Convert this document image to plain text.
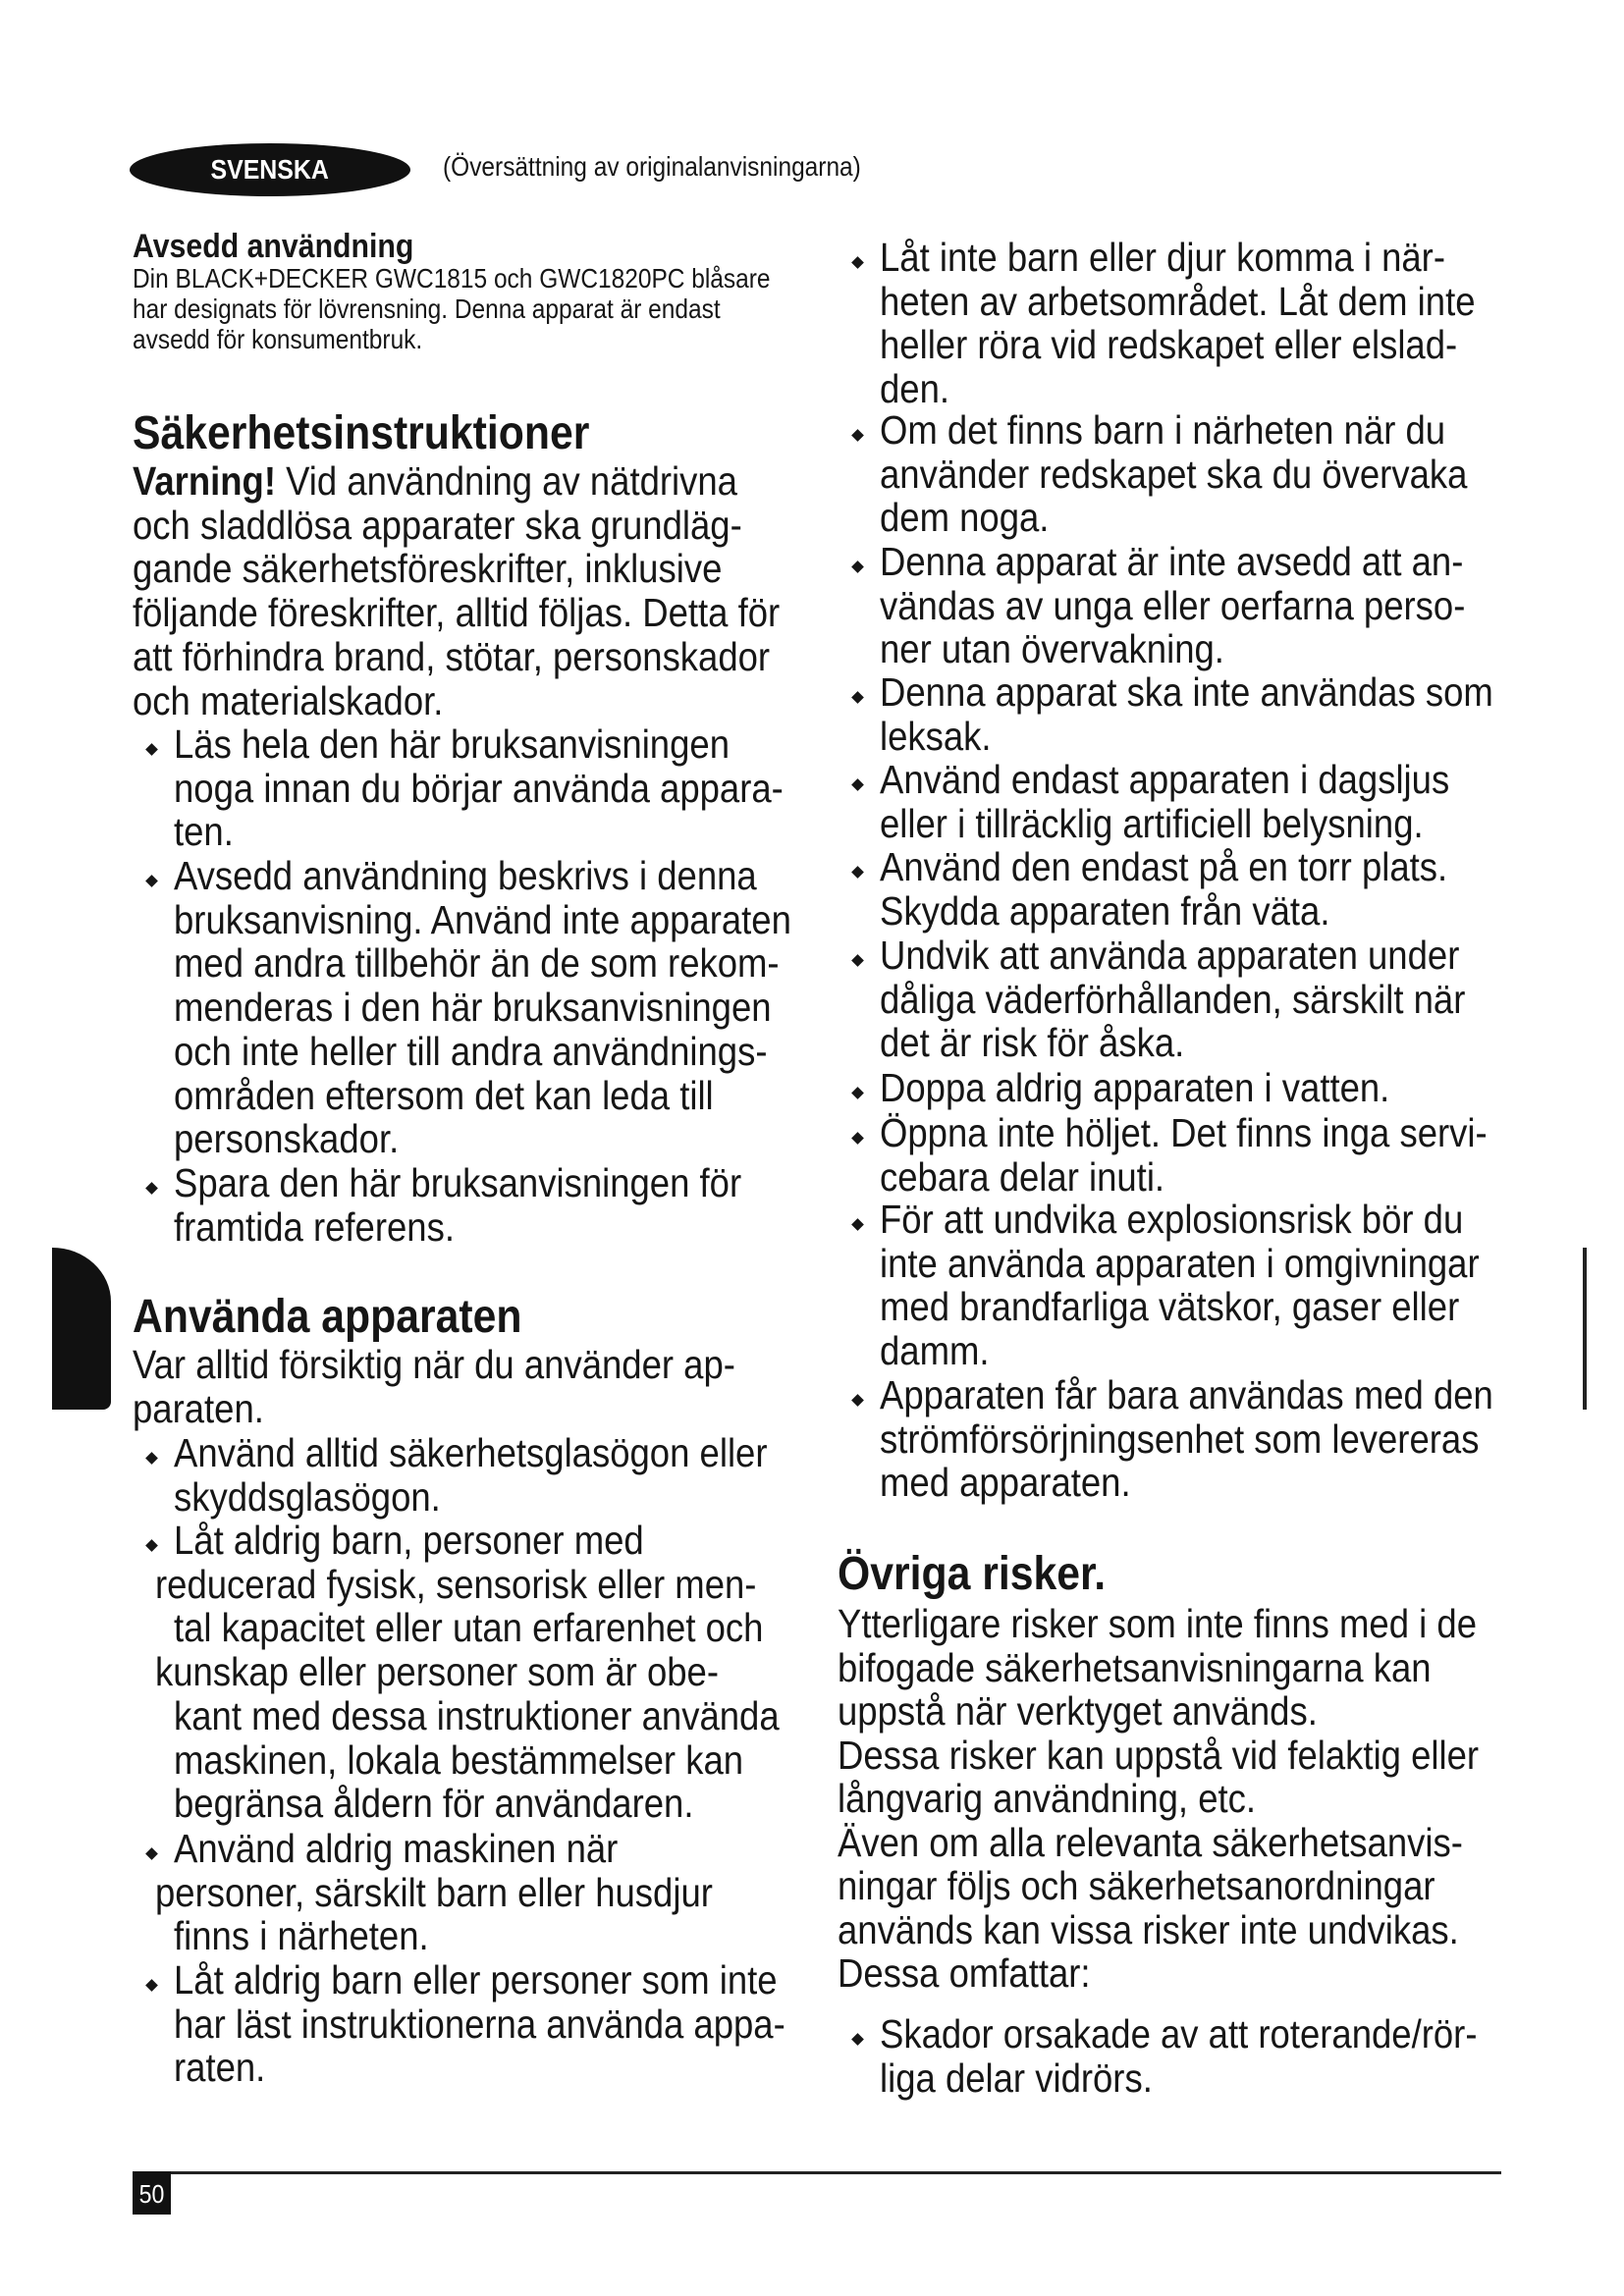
SVENSKA	(Översättning av originalanvisningarna)
Avsedd användning
Din BLACK+DECKER GWC1815 och GWC1820PC blåsare
har designats för lövrensning. Denna apparat är endast
avsedd för konsumentbruk.
Säkerhetsinstruktioner
Varning! Vid användning av nätdrivna
och sladdlösa apparater ska grundläg-
gande säkerhetsföreskrifter, inklusive
följande föreskrifter, alltid följas. Detta för
att förhindra brand, stötar, personskador
och materialskador.
Läs hela den här bruksanvisningen
noga innan du börjar använda appara-
ten.
Avsedd användning beskrivs i denna
bruksanvisning. Använd inte apparaten
med andra tillbehör än de som rekom-
menderas i den här bruksanvisningen
och inte heller till andra användnings-
områden eftersom det kan leda till
personskador.
Spara den här bruksanvisningen för
framtida referens.
Använda apparaten
Var alltid försiktig när du använder ap-
paraten.
Använd alltid säkerhetsglasögon eller
skyddsglasögon.
Låt aldrig barn, personer med
reducerad fysisk, sensorisk eller men-
tal kapacitet eller utan erfarenhet och
kunskap eller personer som är obe-
kant med dessa instruktioner använda
maskinen, lokala bestämmelser kan
begränsa åldern för användaren.
Använd aldrig maskinen när
personer, särskilt barn eller husdjur
finns i närheten.
Låt aldrig barn eller personer som inte
har läst instruktionerna använda appa-
raten.
Låt inte barn eller djur komma i när-
heten av arbetsområdet. Låt dem inte
heller röra vid redskapet eller elslad-
den.
Om det finns barn i närheten när du
använder redskapet ska du övervaka
dem noga.
Denna apparat är inte avsedd att an-
vändas av unga eller oerfarna perso-
ner utan övervakning.
Denna apparat ska inte användas som
leksak.
Använd endast apparaten i dagsljus
eller i tillräcklig artificiell belysning.
Använd den endast på en torr plats.
Skydda apparaten från väta.
Undvik att använda apparaten under
dåliga väderförhållanden, särskilt när
det är risk för åska.
Doppa aldrig apparaten i vatten.
Öppna inte höljet. Det finns inga servi-
cebara delar inuti.
För att undvika explosionsrisk bör du
inte använda apparaten i omgivningar
med brandfarliga vätskor, gaser eller
damm.
Apparaten får bara användas med den
strömförsörjningsenhet som levereras
med apparaten.
Övriga risker.
Ytterligare risker som inte finns med i de
bifogade säkerhetsanvisningarna kan
uppstå när verktyget används.
Dessa risker kan uppstå vid felaktig eller
långvarig användning, etc.
Även om alla relevanta säkerhetsanvis-
ningar följs och säkerhetsanordningar
används kan vissa risker inte undvikas.
Dessa omfattar:
Skador orsakade av att roterande/rör-
liga delar vidrörs.
50
